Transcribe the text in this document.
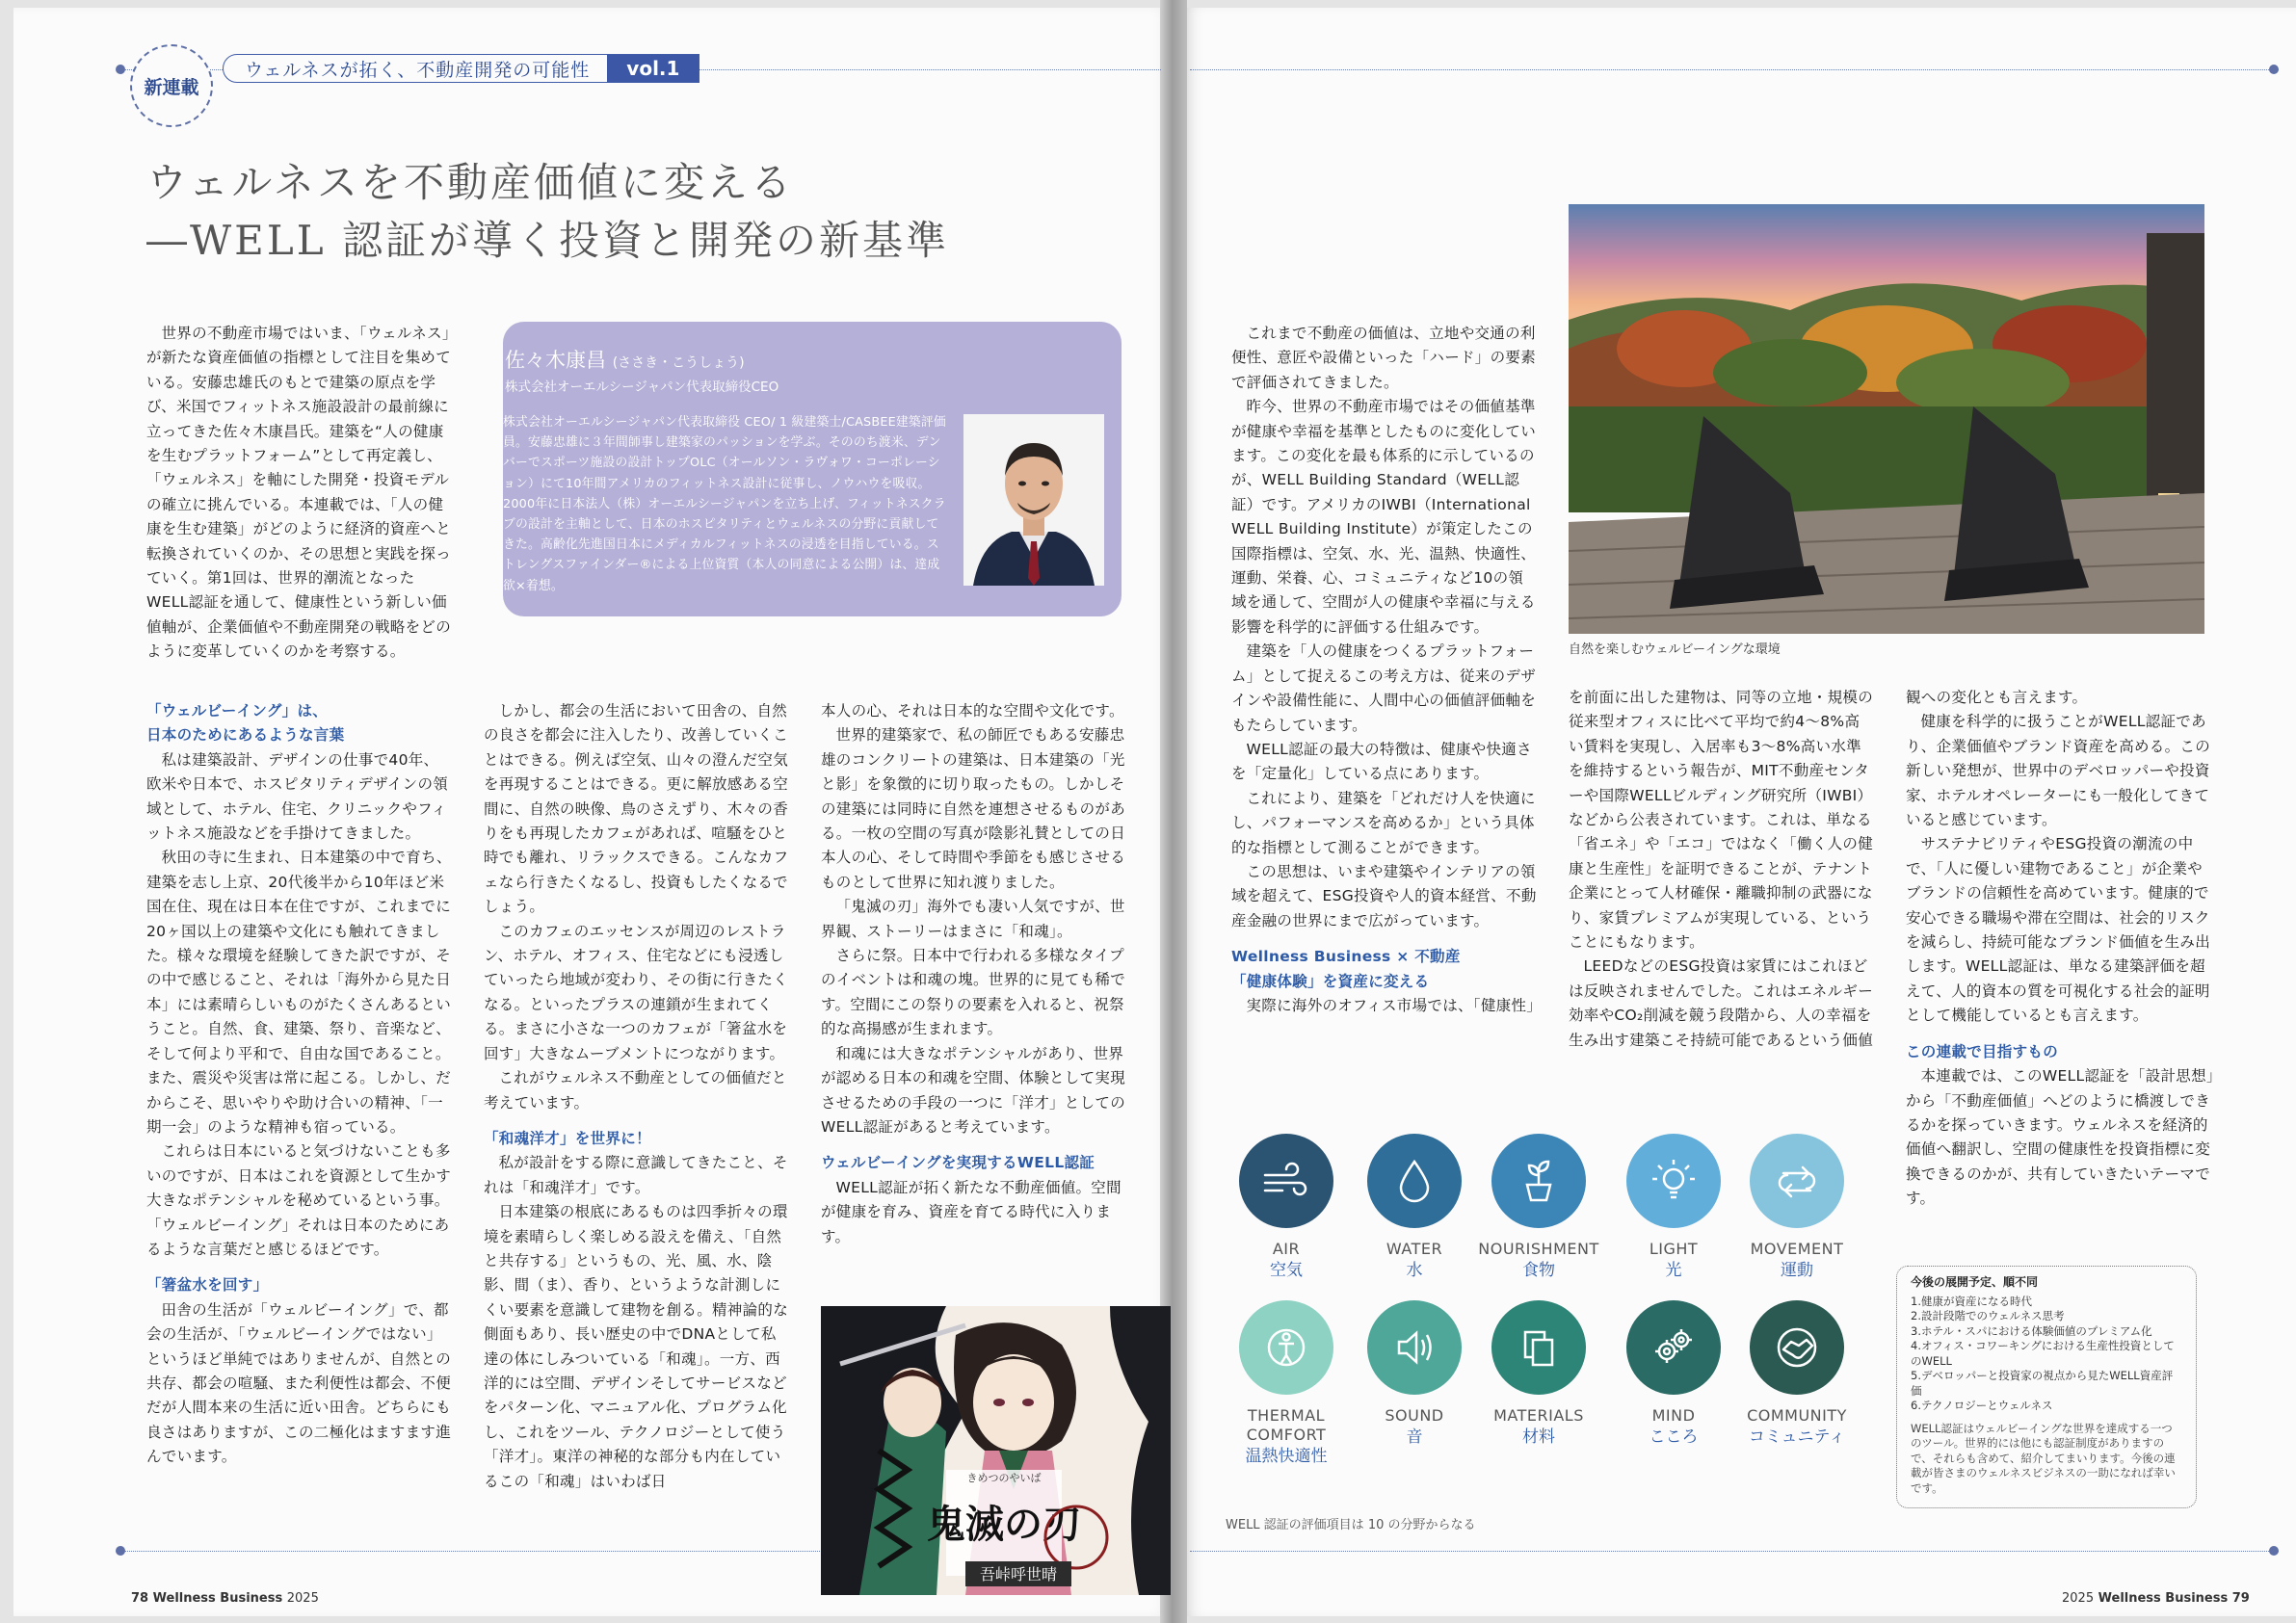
新連載
ウェルネスが拓く、不動産開発の可能性	vol.1
ウェルネスを不動産価値に変える
―WELL 認証が導く投資と開発の新基準

世界の不動産市場ではいま、「ウェルネス」が新たな資産価値の指標として注目を集めている。安藤忠雄氏のもとで建築の原点を学び、米国でフィットネス施設設計の最前線に立ってきた佐々木康昌氏。建築を“人の健康を生むプラットフォーム”として再定義し、「ウェルネス」を軸にした開発・投資モデルの確立に挑んでいる。本連載では、「人の健康を生む建築」がどのように経済的資産へと転換されていくのか、その思想と実践を探っていく。第1回は、世界的潮流となったWELL認証を通して、健康性という新しい価値軸が、企業価値や不動産開発の戦略をどのように変革していくのかを考察する。

佐々木康昌 (ささき・こうしょう)
株式会社オーエルシージャパン代表取締役CEO
株式会社オーエルシージャパン代表取締役 CEO/ 1 級建築士/CASBEE建築評価員。安藤忠雄に３年間師事し建築家のパッションを学ぶ。そののち渡米、デンバーでスポーツ施設の設計トップOLC（オールソン・ラヴォワ・コーポレーション）にて10年間アメリカのフィットネス設計に従事し、ノウハウを吸収。2000年に日本法人（株）オーエルシージャパンを立ち上げ、フィットネスクラブの設計を主軸として、日本のホスピタリティとウェルネスの分野に貢献してきた。高齢化先進国日本にメディカルフィットネスの浸透を目指している。ストレングスファインダー®による上位資質（本人の同意による公開）は、達成欲×着想。
「ウェルビーイング」は、
日本のためにあるような言葉

私は建築設計、デザインの仕事で40年、欧米や日本で、ホスピタリティデザインの領域として、ホテル、住宅、クリニックやフィットネス施設などを手掛けてきました。

秋田の寺に生まれ、日本建築の中で育ち、建築を志し上京、20代後半から10年ほど米国在住、現在は日本在住ですが、これまでに20ヶ国以上の建築や文化にも触れてきました。様々な環境を経験してきた訳ですが、その中で感じること、それは「海外から見た日本」には素晴らしいものがたくさんあるということ。自然、食、建築、祭り、音楽など、そして何より平和で、自由な国であること。また、震災や災害は常に起こる。しかし、だからこそ、思いやりや助け合いの精神、「一期一会」のような精神も宿っている。

これらは日本にいると気づけないことも多いのですが、日本はこれを資源として生かす大きなポテンシャルを秘めているという事。「ウェルビーイング」それは日本のためにあるような言葉だと感じるほどです。

「箸盆水を回す」

田舎の生活が「ウェルビーイング」で、都会の生活が、「ウェルビーイングではない」というほど単純ではありませんが、自然との共存、都会の喧騒、また利便性は都会、不便だが人間本来の生活に近い田舎。どちらにも良さはありますが、この二極化はますます進んでいます。

しかし、都会の生活において田舎の、自然の良さを都会に注入したり、改善していくことはできる。例えば空気、山々の澄んだ空気を再現することはできる。更に解放感ある空間に、自然の映像、鳥のさえずり、木々の香りをも再現したカフェがあれば、喧騒をひと時でも離れ、リラックスできる。こんなカフェなら行きたくなるし、投資もしたくなるでしょう。

このカフェのエッセンスが周辺のレストラン、ホテル、オフィス、住宅などにも浸透していったら地域が変わり、その街に行きたくなる。といったプラスの連鎖が生まれてくる。まさに小さな一つのカフェが「箸盆水を回す」大きなムーブメントにつながります。

これがウェルネス不動産としての価値だと考えています。

「和魂洋才」を世界に！

私が設計をする際に意識してきたこと、それは「和魂洋才」です。

日本建築の根底にあるものは四季折々の環境を素晴らしく楽しめる設えを備え、「自然と共存する」というもの、光、風、水、陰影、間（ま）、香り、というような計測しにくい要素を意識して建物を創る。精神論的な側面もあり、長い歴史の中でDNAとして私達の体にしみついている「和魂」。一方、西洋的には空間、デザインそしてサービスなどをパターン化、マニュアル化、プログラム化し、これをツール、テクノロジーとして使う「洋才」。東洋の神秘的な部分も内在しているこの「和魂」はいわば日

本人の心、それは日本的な空間や文化です。

世界的建築家で、私の師匠でもある安藤忠雄のコンクリートの建築は、日本建築の「光と影」を象徴的に切り取ったもの。しかしその建築には同時に自然を連想させるものがある。一枚の空間の写真が陰影礼賛としての日本人の心、そして時間や季節をも感じさせるものとして世界に知れ渡りました。

「鬼滅の刃」海外でも凄い人気ですが、世界観、ストーリーはまさに「和魂」。

さらに祭。日本中で行われる多様なタイプのイベントは和魂の塊。世界的に見ても稀です。空間にこの祭りの要素を入れると、祝祭的な高揚感が生まれます。

和魂には大きなポテンシャルがあり、世界が認める日本の和魂を空間、体験として実現させるための手段の一つに「洋才」としてのWELL認証があると考えています。

ウェルビーイングを実現するWELL認証

WELL認証が拓く新たな不動産価値。空間が健康を育み、資産を育てる時代に入ります。

きめつのやいば
鬼滅の刃
吾峠呼世晴
78 Wellness Business 2025

これまで不動産の価値は、立地や交通の利便性、意匠や設備といった「ハード」の要素で評価されてきました。

昨今、世界の不動産市場ではその価値基準が健康や幸福を基準としたものに変化しています。この変化を最も体系的に示しているのが、WELL Building Standard（WELL認証）です。アメリカのIWBI（International WELL Building Institute）が策定したこの国際指標は、空気、水、光、温熱、快適性、運動、栄養、心、コミュニティなど10の領域を通して、空間が人の健康や幸福に与える影響を科学的に評価する仕組みです。

建築を「人の健康をつくるプラットフォーム」として捉えるこの考え方は、従来のデザインや設備性能に、人間中心の価値評価軸をもたらしています。

WELL認証の最大の特徴は、健康や快適さを「定量化」している点にあります。

これにより、建築を「どれだけ人を快適にし、パフォーマンスを高めるか」という具体的な指標として測ることができます。

この思想は、いまや建築やインテリアの領域を超えて、ESG投資や人的資本経営、不動産金融の世界にまで広がっています。

Wellness Business × 不動産
「健康体験」を資産に変える

実際に海外のオフィス市場では、「健康性」

自然を楽しむウェルビーイングな環境

を前面に出した建物は、同等の立地・規模の従来型オフィスに比べて平均で約4～8%高い賃料を実現し、入居率も3～8%高い水準を維持するという報告が、MIT不動産センターや国際WELLビルディング研究所（IWBI）などから公表されています。これは、単なる「省エネ」や「エコ」ではなく「働く人の健康と生産性」を証明できることが、テナント企業にとって人材確保・離職抑制の武器になり、家賃プレミアムが実現している、ということにもなります。

LEEDなどのESG投資は家賃にはこれほどは反映されませんでした。これはエネルギー効率やCO₂削減を競う段階から、人の幸福を生み出す建築こそ持続可能であるという価値

観への変化とも言えます。

健康を科学的に扱うことがWELL認証であり、企業価値やブランド資産を高める。この新しい発想が、世界中のデベロッパーや投資家、ホテルオペレーターにも一般化してきていると感じています。

サステナビリティやESG投資の潮流の中で、「人に優しい建物であること」が企業やブランドの信頼性を高めています。健康的で安心できる職場や滞在空間は、社会的リスクを減らし、持続可能なブランド価値を生み出します。WELL認証は、単なる建築評価を超えて、人的資本の質を可視化する社会的証明として機能しているとも言えます。

この連載で目指すもの

本連載では、このWELL認証を「設計思想」から「不動産価値」へどのように橋渡しできるかを探っていきます。ウェルネスを経済的価値へ翻訳し、空間の健康性を投資指標に変換できるのかが、共有していきたいテーマです。

AIR
空気
WATER
水
NOURISHMENT
食物
LIGHT
光
MOVEMENT
運動
THERMAL
COMFORT
温熱快適性
SOUND
音
MATERIALS
材料
MIND
こころ
COMMUNITY
コミュニティ
WELL 認証の評価項目は 10 の分野からなる
今後の展開予定、順不同
1.健康が資産になる時代
2.設計段階でのウェルネス思考
3.ホテル・スパにおける体験価値のプレミアム化
4.オフィス・コワーキングにおける生産性投資としてのWELL
5.デベロッパーと投資家の視点から見たWELL資産評価
6.テクノロジーとウェルネス
WELL認証はウェルビーイングな世界を達成する一つのツール。世界的には他にも認証制度がありますので、それらも含めて、紹介してまいります。今後の連載が皆さまのウェルネスビジネスの一助になれば幸いです。
2025 Wellness Business 79
